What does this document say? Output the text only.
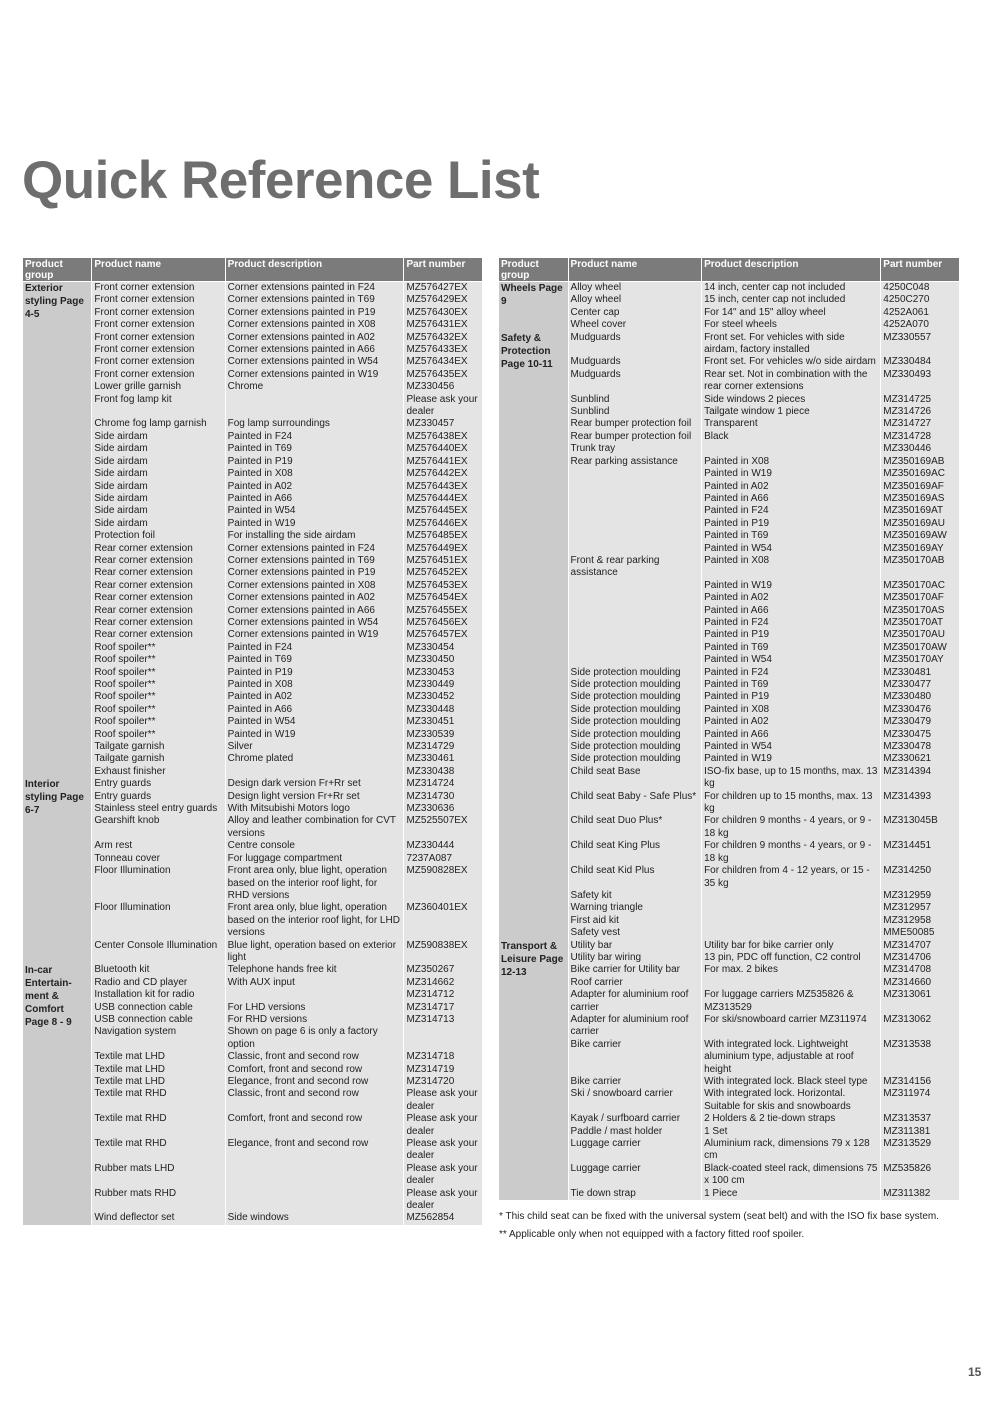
Quick Reference List
Product group	Product name	Product description	Part number
Exterior styling Page 4-5	Front corner extension	Corner extensions painted in F24	MZ576427EX
	Front corner extension	Corner extensions painted in T69	MZ576429EX
	Front corner extension	Corner extensions painted in P19	MZ576430EX
	Front corner extension	Corner extensions painted in X08	MZ576431EX
	Front corner extension	Corner extensions painted in A02	MZ576432EX
	Front corner extension	Corner extensions painted in A66	MZ576433EX
	Front corner extension	Corner extensions painted in W54	MZ576434EX
	Front corner extension	Corner extensions painted in W19	MZ576435EX
	Lower grille garnish	Chrome	MZ330456
	Front fog lamp kit		Please ask your dealer
	Chrome fog lamp garnish	Fog lamp surroundings	MZ330457
	Side airdam	Painted in F24	MZ576438EX
	Side airdam	Painted in T69	MZ576440EX
	Side airdam	Painted in P19	MZ576441EX
	Side airdam	Painted in X08	MZ576442EX
	Side airdam	Painted in A02	MZ576443EX
	Side airdam	Painted in A66	MZ576444EX
	Side airdam	Painted in W54	MZ576445EX
	Side airdam	Painted in W19	MZ576446EX
	Protection foil	For installing the side airdam	MZ576485EX
	Rear corner extension	Corner extensions painted in F24	MZ576449EX
	Rear corner extension	Corner extensions painted in T69	MZ576451EX
	Rear corner extension	Corner extensions painted in P19	MZ576452EX
	Rear corner extension	Corner extensions painted in X08	MZ576453EX
	Rear corner extension	Corner extensions painted in A02	MZ576454EX
	Rear corner extension	Corner extensions painted in A66	MZ576455EX
	Rear corner extension	Corner extensions painted in W54	MZ576456EX
	Rear corner extension	Corner extensions painted in W19	MZ576457EX
	Roof spoiler**	Painted in F24	MZ330454
	Roof spoiler**	Painted in T69	MZ330450
	Roof spoiler**	Painted in P19	MZ330453
	Roof spoiler**	Painted in X08	MZ330449
	Roof spoiler**	Painted in A02	MZ330452
	Roof spoiler**	Painted in A66	MZ330448
	Roof spoiler**	Painted in W54	MZ330451
	Roof spoiler**	Painted in W19	MZ330539
	Tailgate garnish	Silver	MZ314729
	Tailgate garnish	Chrome plated	MZ330461
	Exhaust finisher		MZ330438
Interior styling Page 6-7	Entry guards	Design dark version Fr+Rr set	MZ314724
	Entry guards	Design light version Fr+Rr set	MZ314730
	Stainless steel entry guards	With Mitsubishi Motors logo	MZ330636
	Gearshift knob	Alloy and leather combination for CVT versions	MZ525507EX
	Arm rest	Centre console	MZ330444
	Tonneau cover	For luggage compartment	7237A087
	Floor Illumination	Front area only, blue light, operation based on the interior roof light, for RHD versions	MZ590828EX
	Floor Illumination	Front area only, blue light, operation based on the interior roof light, for LHD versions	MZ360401EX
	Center Console Illumination	Blue light, operation based on exterior light	MZ590838EX
In-car Entertain-ment & Comfort Page 8 - 9	Bluetooth kit	Telephone hands free kit	MZ350267
	Radio and CD player	With AUX input	MZ314662
	Installation kit for radio		MZ314712
	USB connection cable	For LHD versions	MZ314717
	USB connection cable	For RHD versions	MZ314713
	Navigation system	Shown on page 6 is only a factory option	
	Textile mat LHD	Classic, front and second row	MZ314718
	Textile mat LHD	Comfort, front and second row	MZ314719
	Textile mat LHD	Elegance, front and second row	MZ314720
	Textile mat RHD	Classic, front and second row	Please ask your dealer
	Textile mat RHD	Comfort, front and second row	Please ask your dealer
	Textile mat RHD	Elegance, front and second row	Please ask your dealer
	Rubber mats LHD		Please ask your dealer
	Rubber mats RHD		Please ask your dealer
	Wind deflector set	Side windows	MZ562854
Product group	Product name	Product description	Part number
Wheels Page 9	Alloy wheel	14 inch, center cap not included	4250C048
	Alloy wheel	15 inch, center cap not included	4250C270
	Center cap	For 14" and 15" alloy wheel	4252A061
	Wheel cover	For steel wheels	4252A070
Safety & Protection Page 10-11	Mudguards	Front set. For vehicles with side airdam, factory installed	MZ330557
	Mudguards	Front set. For vehicles w/o side airdam	MZ330484
	Mudguards	Rear set. Not in combination with the rear corner extensions	MZ330493
	Sunblind	Side windows 2 pieces	MZ314725
	Sunblind	Tailgate window 1 piece	MZ314726
	Rear bumper protection foil	Transparent	MZ314727
	Rear bumper protection foil	Black	MZ314728
	Trunk tray		MZ330446
	Rear parking assistance	Painted in X08	MZ350169AB
		Painted in W19	MZ350169AC
		Painted in A02	MZ350169AF
		Painted in A66	MZ350169AS
		Painted in F24	MZ350169AT
		Painted in P19	MZ350169AU
		Painted in T69	MZ350169AW
		Painted in W54	MZ350169AY
	Front & rear parking assistance	Painted in X08	MZ350170AB
		Painted in W19	MZ350170AC
		Painted in A02	MZ350170AF
		Painted in A66	MZ350170AS
		Painted in F24	MZ350170AT
		Painted in P19	MZ350170AU
		Painted in T69	MZ350170AW
		Painted in W54	MZ350170AY
	Side protection moulding	Painted in F24	MZ330481
	Side protection moulding	Painted in T69	MZ330477
	Side protection moulding	Painted in P19	MZ330480
	Side protection moulding	Painted in X08	MZ330476
	Side protection moulding	Painted in A02	MZ330479
	Side protection moulding	Painted in A66	MZ330475
	Side protection moulding	Painted in W54	MZ330478
	Side protection moulding	Painted in W19	MZ330621
	Child seat Base	ISO-fix base, up to 15 months, max. 13 kg	MZ314394
	Child seat Baby - Safe Plus*	For children up to 15 months, max. 13 kg	MZ314393
	Child seat Duo Plus*	For children 9 months - 4 years, or 9 - 18 kg	MZ313045B
	Child seat King Plus	For children 9 months - 4 years, or 9 - 18 kg	MZ314451
	Child seat Kid Plus	For children from 4 - 12 years, or 15 - 35 kg	MZ314250
	Safety kit		MZ312959
	Warning triangle		MZ312957
	First aid kit		MZ312958
	Safety vest		MME50085
Transport & Leisure Page 12-13	Utility bar	Utility bar for bike carrier only	MZ314707
	Utility bar wiring	13 pin, PDC off function, C2 control	MZ314706
	Bike carrier for Utility bar	For max. 2 bikes	MZ314708
	Roof carrier		MZ314660
	Adapter for aluminium roof carrier	For luggage carriers MZ535826 & MZ313529	MZ313061
	Adapter for aluminium roof carrier	For ski/snowboard carrier MZ311974	MZ313062
	Bike carrier	With integrated lock. Lightweight aluminium type, adjustable at roof height	MZ313538
	Bike carrier	With integrated lock. Black steel type	MZ314156
	Ski / snowboard carrier	With integrated lock. Horizontal. Suitable for skis and snowboards	MZ311974
	Kayak / surfboard carrier	2 Holders & 2 tie-down straps	MZ313537
	Paddle / mast holder	1 Set	MZ311381
	Luggage carrier	Aluminium rack, dimensions 79 x 128 cm	MZ313529
	Luggage carrier	Black-coated steel rack, dimensions 75 x 100 cm	MZ535826
	Tie down strap	1 Piece	MZ311382

* This child seat can be fixed with the universal system (seat belt) and with the ISO fix base system.

** Applicable only when not equipped with a factory fitted roof spoiler.

15
